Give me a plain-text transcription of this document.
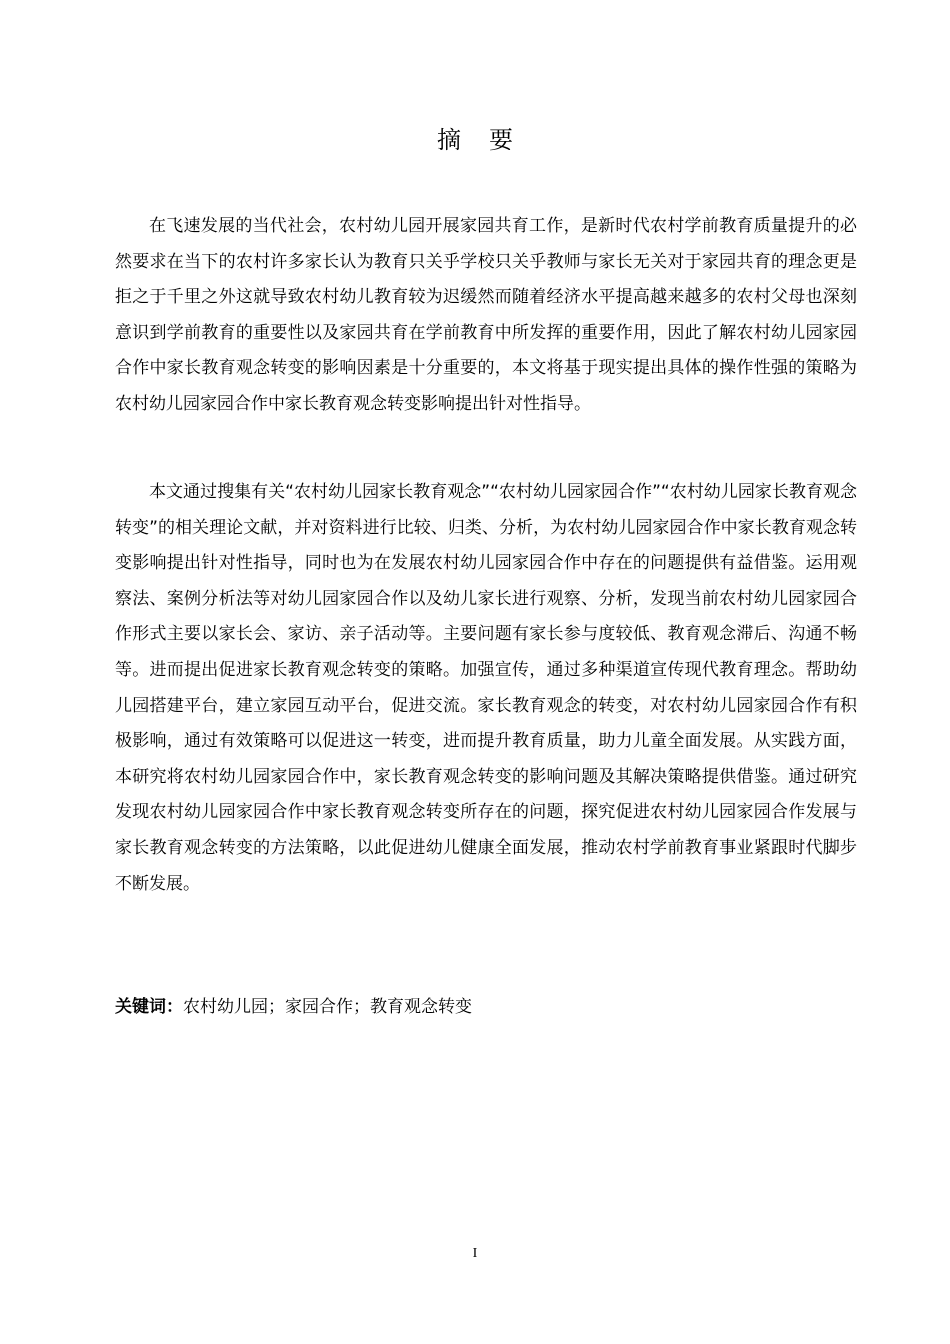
摘 要

在飞速发展的当代社会，农村幼儿园开展家园共育工作，是新时代农村学前教育质量提升的必然要求在当下的农村许多家长认为教育只关乎学校只关乎教师与家长无关对于家园共育的理念更是拒之于千里之外这就导致农村幼儿教育较为迟缓然而随着经济水平提高越来越多的农村父母也深刻意识到学前教育的重要性以及家园共育在学前教育中所发挥的重要作用，因此了解农村幼儿园家园合作中家长教育观念转变的影响因素是十分重要的，本文将基于现实提出具体的操作性强的策略为农村幼儿园家园合作中家长教育观念转变影响提出针对性指导。

本文通过搜集有关“农村幼儿园家长教育观念”“农村幼儿园家园合作”“农村幼儿园家长教育观念转变”的相关理论文献，并对资料进行比较、归类、分析，为农村幼儿园家园合作中家长教育观念转变影响提出针对性指导，同时也为在发展农村幼儿园家园合作中存在的问题提供有益借鉴。运用观察法、案例分析法等对幼儿园家园合作以及幼儿家长进行观察、分析，发现当前农村幼儿园家园合作形式主要以家长会、家访、亲子活动等。主要问题有家长参与度较低、教育观念滞后、沟通不畅等。进而提出促进家长教育观念转变的策略。加强宣传，通过多种渠道宣传现代教育理念。帮助幼儿园搭建平台，建立家园互动平台，促进交流。家长教育观念的转变，对农村幼儿园家园合作有积极影响，通过有效策略可以促进这一转变，进而提升教育质量，助力儿童全面发展。从实践方面，本研究将农村幼儿园家园合作中，家长教育观念转变的影响问题及其解决策略提供借鉴。通过研究发现农村幼儿园家园合作中家长教育观念转变所存在的问题，探究促进农村幼儿园家园合作发展与家长教育观念转变的方法策略，以此促进幼儿健康全面发展，推动农村学前教育事业紧跟时代脚步不断发展。

关键词：农村幼儿园；家园合作；教育观念转变

I
